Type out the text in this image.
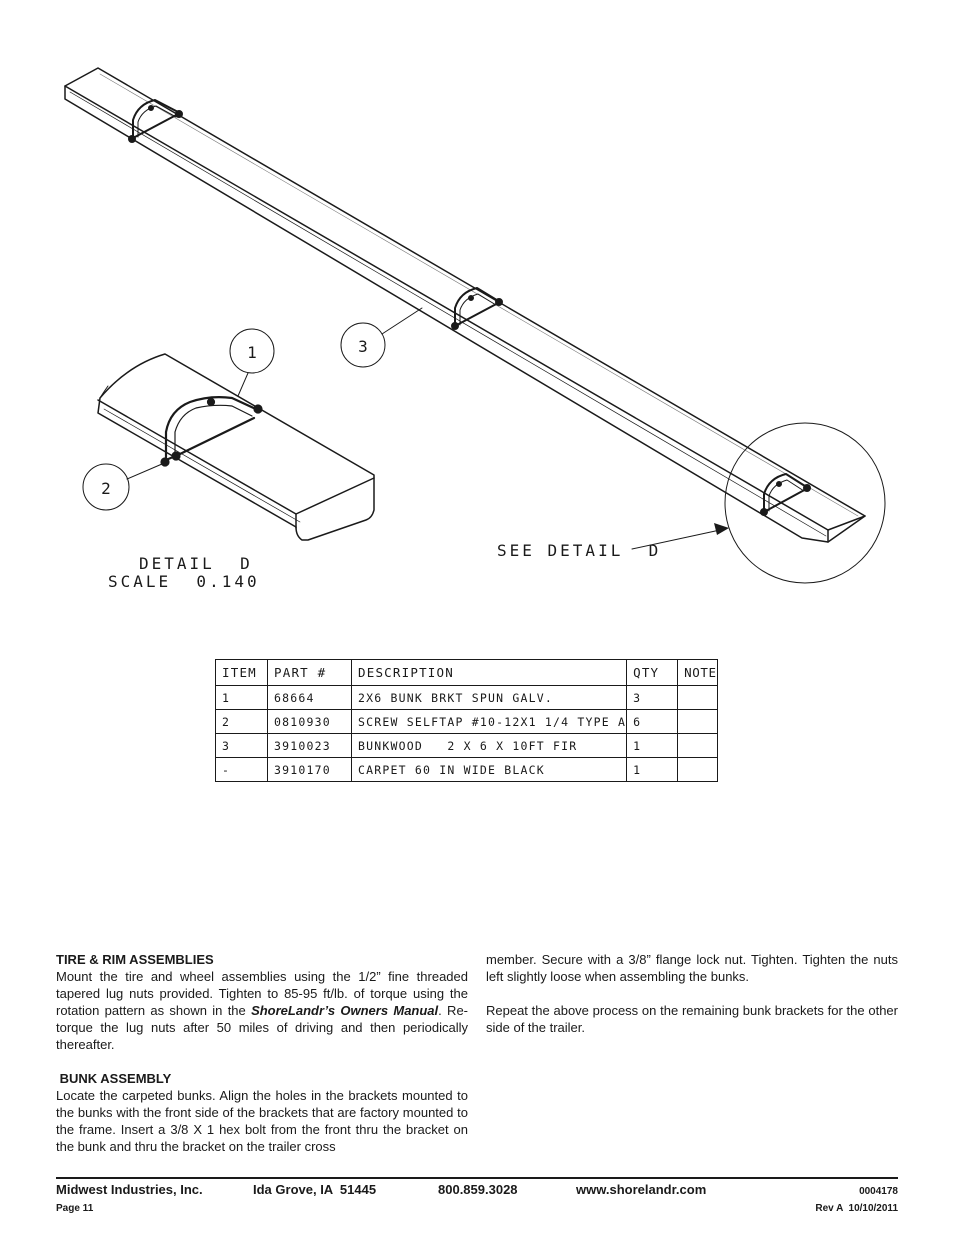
1	3
2
DETAIL  D
SCALE  0.140
SEE DETAIL  D
ITEM	PART #	DESCRIPTION	QTY	NOTE
1	68664	2X6 BUNK BRKT SPUN GALV.	3	
2	0810930	SCREW SELFTAP #10-12X1 1/4 TYPE A	6	
3	3910023	BUNKWOOD   2 X 6 X 10FT FIR	1	
-	3910170	CARPET 60 IN WIDE BLACK	1	
TIRE & RIM ASSEMBLIES

Mount the tire and wheel assemblies using the 1/2” fine threaded tapered lug nuts provided. Tighten to 85-95 ft/lb. of torque using the rotation pattern as shown in the ShoreLandr’s Owners Manual. Re-torque the lug nuts after 50 miles of driving and then periodically thereafter.

BUNK ASSEMBLY

Locate the carpeted bunks. Align the holes in the brackets mounted to the bunks with the front side of the brackets that are factory mounted to the frame. Insert a 3/8 X 1 hex bolt from the front thru the bracket on the bunk and thru the bracket on the trailer cross

member. Secure with a 3/8” flange lock nut. Tighten. Tighten the nuts left slightly loose when assembling the bunks.

Repeat the above process on the remaining bunk brackets for the other side of the trailer.

Midwest Industries, Inc.	Ida Grove, IA  51445	800.859.3028	www.shorelandr.com	0004178
Page 11	Rev A  10/10/2011
